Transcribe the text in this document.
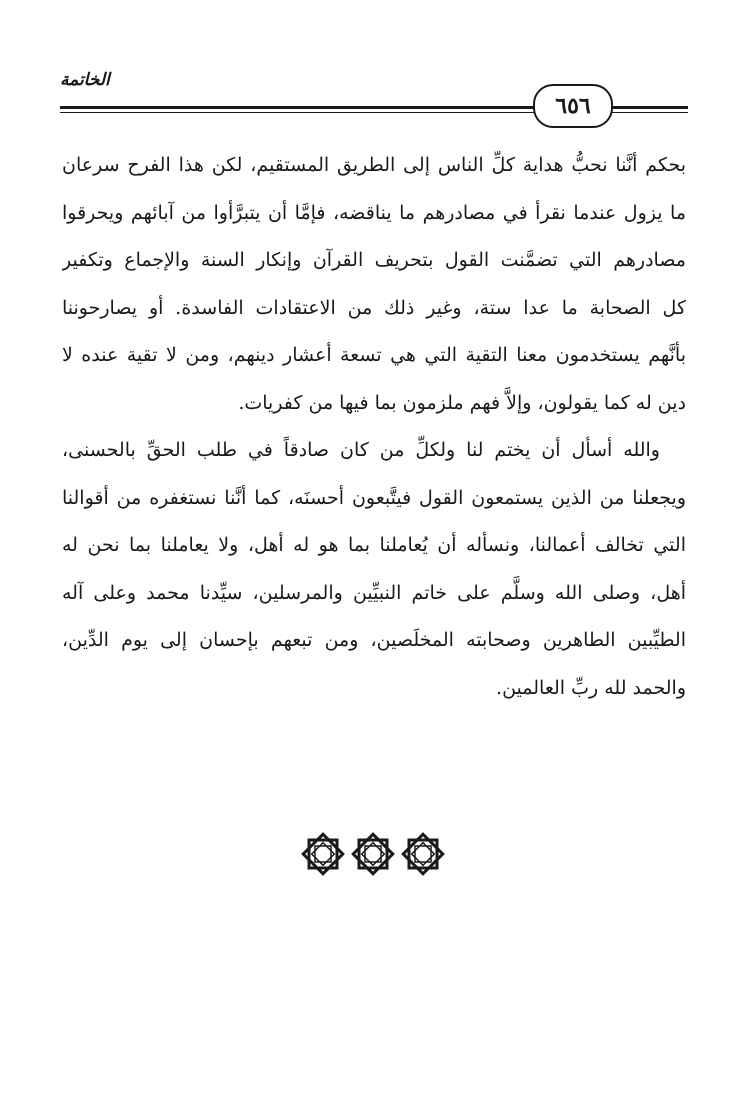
الخاتمة
٦٥٦
بحكم أنَّنا نحبُّ هداية كلِّ الناس إلى الطريق المستقيم، لكن هذا الفرح سرعان
ما يزول عندما نقرأ في مصادرهم ما يناقضه، فإمَّا أن يتبرَّأوا من آبائهم ويحرقوا
مصادرهم التي تضمَّنت القول بتحريف القرآن وإنكار السنة والإجماع وتكفير
كل الصحابة ما عدا ستة، وغير ذلك من الاعتقادات الفاسدة. أو يصارحوننا
بأنَّهم يستخدمون معنا التقية التي هي تسعة أعشار دينهم، ومن لا تقية عنده لا
دين له كما يقولون، وإلاَّ فهم ملزمون بما فيها من كفريات.
والله أسأل أن يختم لنا ولكلِّ من كان صادقاً في طلب الحقِّ بالحسنى،
ويجعلنا من الذين يستمعون القول فيتَّبعون أحسنَه، كما أنَّنا نستغفره من أقوالنا
التي تخالف أعمالنا، ونسأله أن يُعاملنا بما هو له أهل، ولا يعاملنا بما نحن له
أهل، وصلى الله وسلَّم على خاتم النبيِّين والمرسلين، سيِّدنا محمد وعلى آله
الطيِّبين الطاهرين وصحابته المخلَصين، ومن تبعهم بإحسان إلى يوم الدِّين،
والحمد لله ربِّ العالمين.
